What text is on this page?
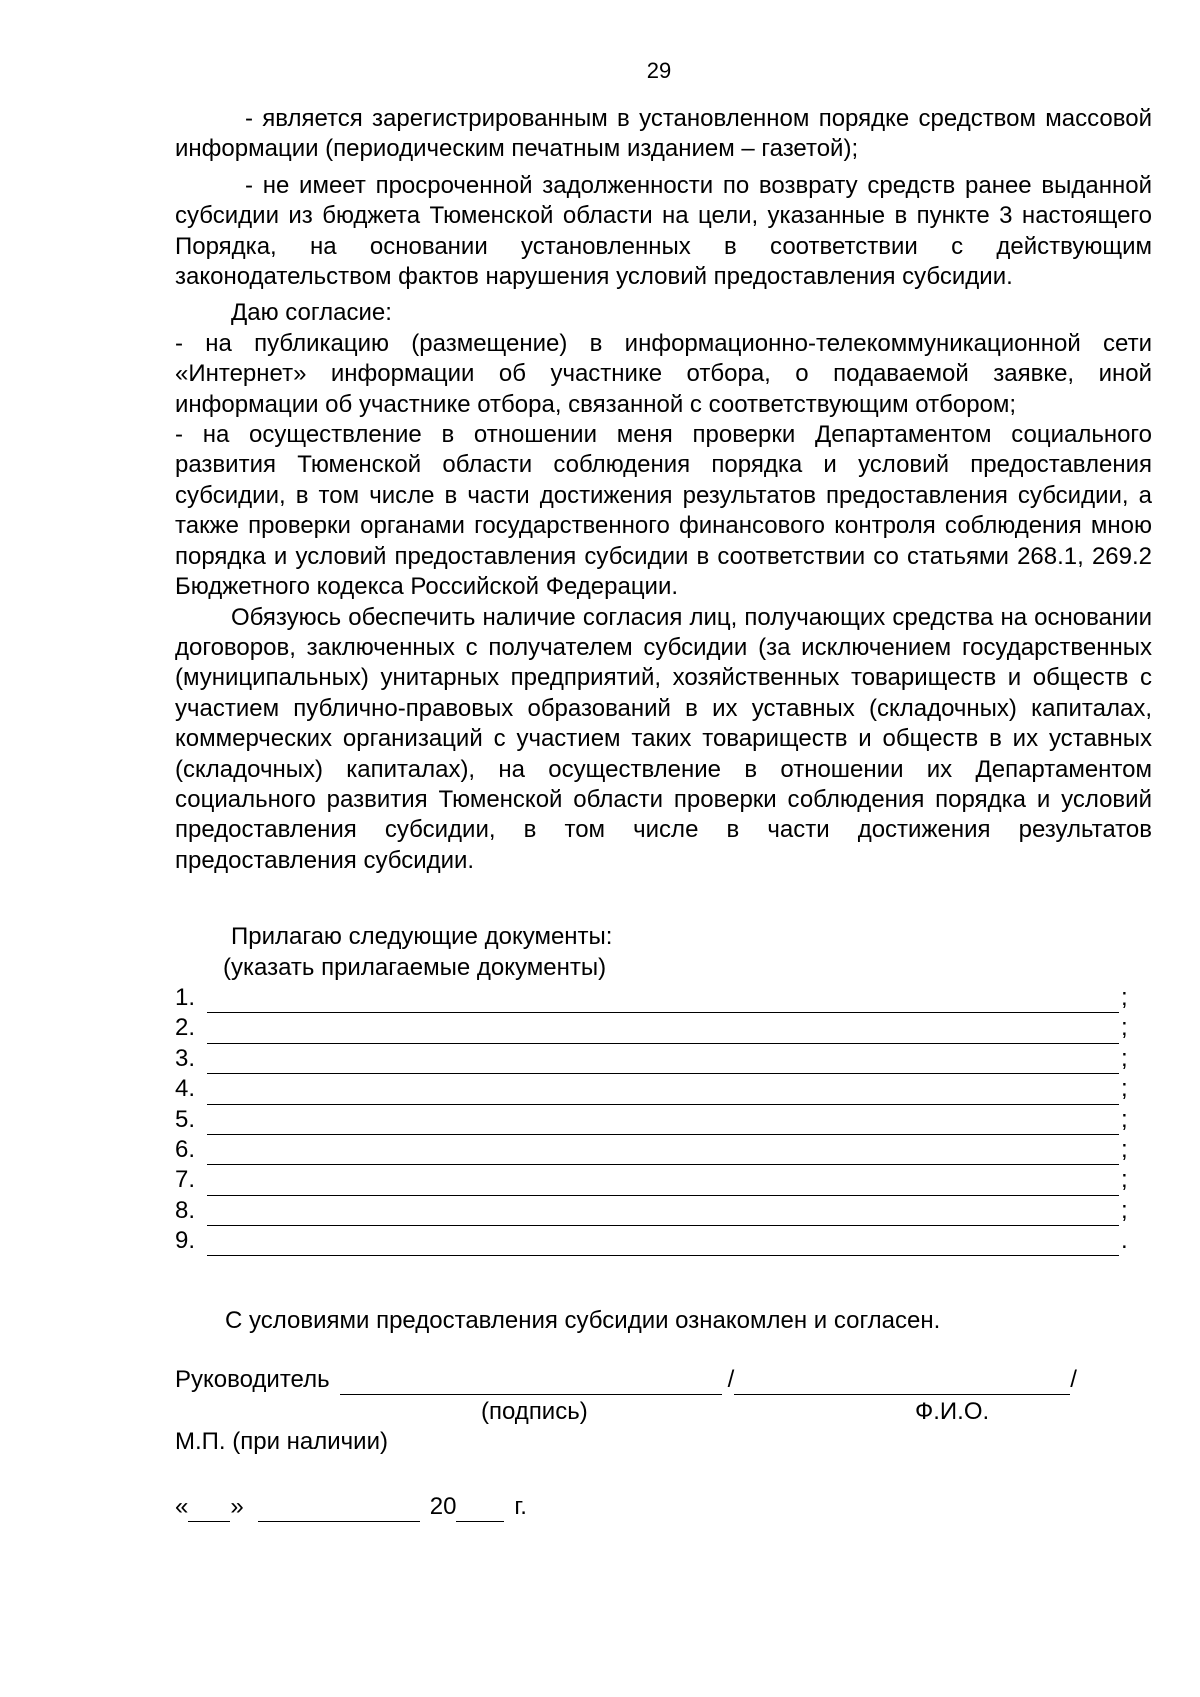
29

- является зарегистрированным в установленном порядке средством массовой информации (периодическим печатным изданием – газетой);

- не имеет просроченной задолженности по возврату средств ранее выданной субсидии из бюджета Тюменской области на цели, указанные в пункте 3 настоящего Порядка, на основании установленных в соответствии с действующим законодательством фактов нарушения условий предоставления субсидии.

Даю согласие:

- на публикацию (размещение) в информационно-телекоммуникационной сети «Интернет» информации об участнике отбора, о подаваемой заявке, иной информации об участнике отбора, связанной с соответствующим отбором;

- на осуществление в отношении меня проверки Департаментом социального развития Тюменской области соблюдения порядка и условий предоставления субсидии, в том числе в части достижения результатов предоставления субсидии, а также проверки органами государственного финансового контроля соблюдения мною порядка и условий предоставления субсидии в соответствии со статьями 268.1, 269.2 Бюджетного кодекса Российской Федерации.

Обязуюсь обеспечить наличие согласия лиц, получающих средства на основании договоров, заключенных с получателем субсидии (за исключением государственных (муниципальных) унитарных предприятий, хозяйственных товариществ и обществ с участием публично-правовых образований в их уставных (складочных) капиталах, коммерческих организаций с участием таких товариществ и обществ в их уставных (складочных) капиталах), на осуществление в отношении их Департаментом социального развития Тюменской области проверки соблюдения порядка и условий предоставления субсидии, в том числе в части достижения результатов предоставления субсидии.

Прилагаю следующие документы:
(указать прилагаемые документы)
1.	;
2.	;
3.	;
4.	;
5.	;
6.	;
7.	;
8.	;
9.	.
С условиями предоставления субсидии ознакомлен и согласен.
Руководитель	/	/
(подпись)	Ф.И.О.
М.П. (при наличии)
« »	20 г.
